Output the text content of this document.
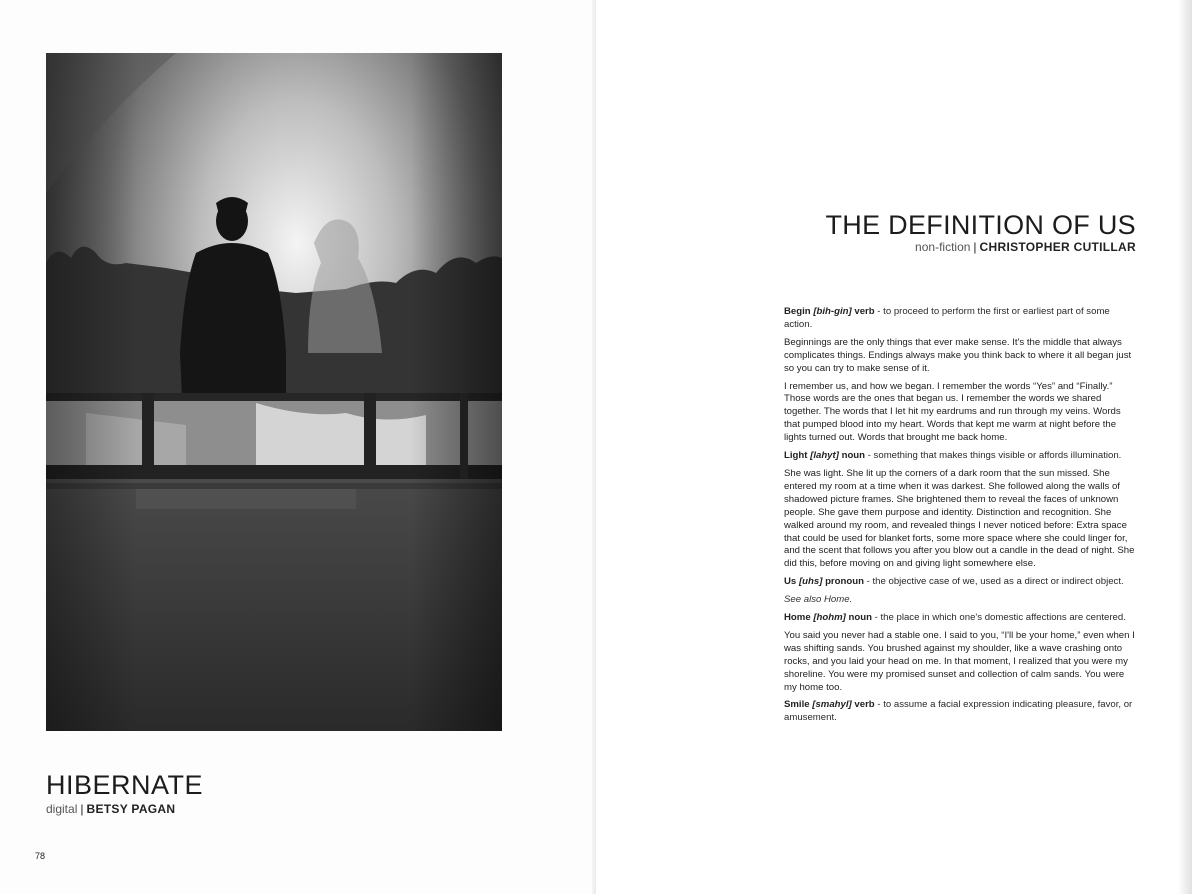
HIBERNATE
digital | BETSY PAGAN
78
THE DEFINITION OF US
non-fiction | CHRISTOPHER CUTILLAR

Begin [bih-gin] verb - to proceed to perform the first or earliest part of some action.

Beginnings are the only things that ever make sense. It's the middle that always complicates things. Endings always make you think back to where it all began just so you can try to make sense of it.

I remember us, and how we began. I remember the words “Yes” and “Finally.” Those words are the ones that began us. I remember the words we shared together. The words that I let hit my eardrums and run through my veins. Words that pumped blood into my heart. Words that kept me warm at night before the lights turned out. Words that brought me back home.

Light [lahyt] noun - something that makes things visible or affords illumination.

She was light. She lit up the corners of a dark room that the sun missed. She entered my room at a time when it was darkest. She followed along the walls of shadowed picture frames. She brightened them to reveal the faces of unknown people. She gave them purpose and identity. Distinction and recognition. She walked around my room, and revealed things I never noticed before: Extra space that could be used for blanket forts, some more space where she could linger for, and the scent that follows you after you blow out a candle in the dead of night. She did this, before moving on and giving light somewhere else.

Us [uhs] pronoun - the objective case of we, used as a direct or indirect object.

See also Home.

Home [hohm] noun - the place in which one's domestic affections are centered.

You said you never had a stable one. I said to you, “I'll be your home,” even when I was shifting sands. You brushed against my shoulder, like a wave crashing onto rocks, and you laid your head on me. In that moment, I realized that you were my shoreline. You were my promised sunset and collection of calm sands. You were my home too.

Smile [smahyl] verb - to assume a facial expression indicating pleasure, favor, or amusement.
